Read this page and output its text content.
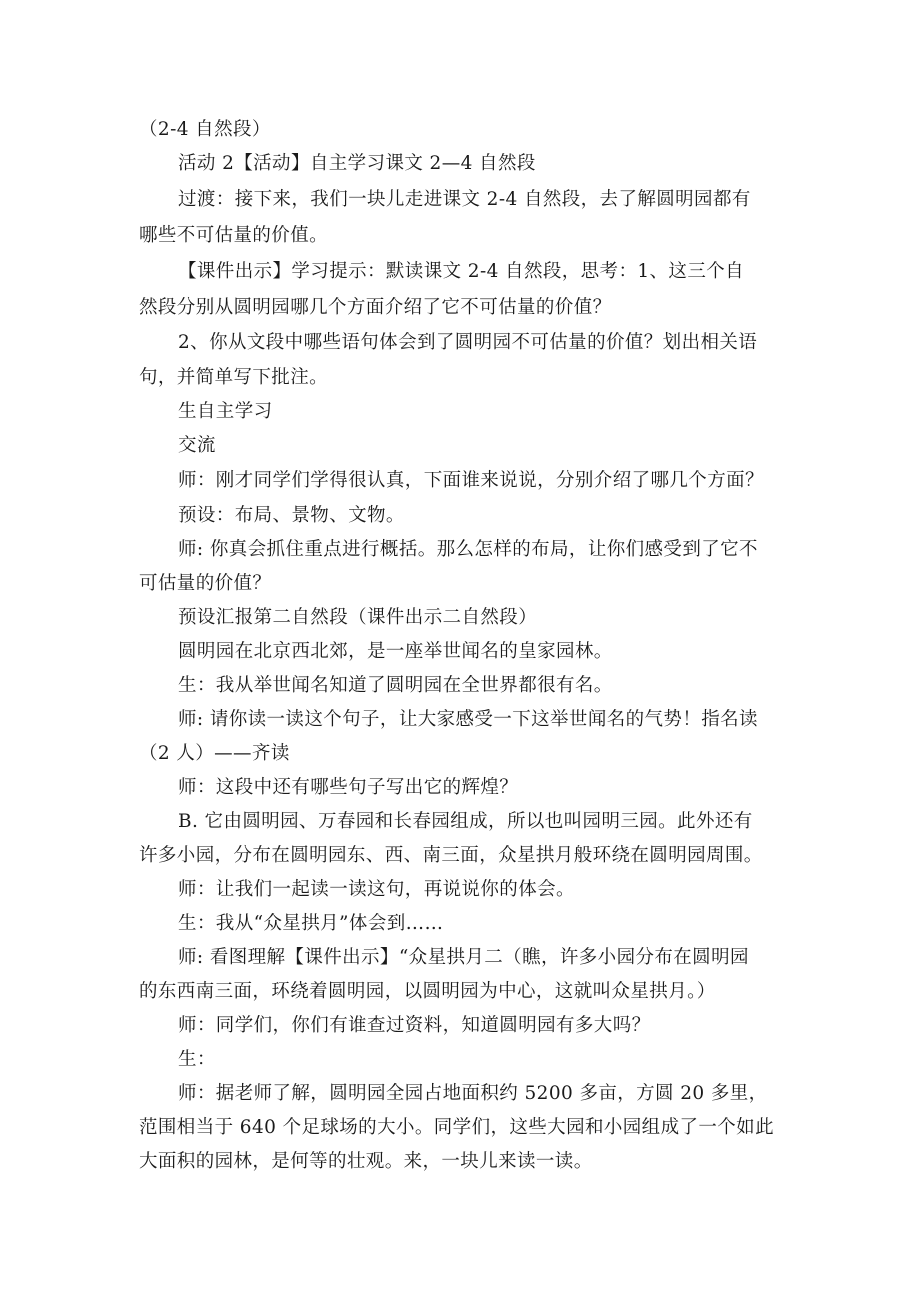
（2-4 自然段）
活动 2【活动】自主学习课文 2—4 自然段
过渡：接下来，我们一块儿走进课文 2-4 自然段，去了解圆明园都有
哪些不可估量的价值。
【课件出示】学习提示：默读课文 2-4 自然段，思考：1、这三个自
然段分别从圆明园哪几个方面介绍了它不可估量的价值？
2、你从文段中哪些语句体会到了圆明园不可估量的价值？划出相关语
句，并简单写下批注。
生自主学习
交流
师：刚才同学们学得很认真，下面谁来说说，分别介绍了哪几个方面？
预设：布局、景物、文物。
师: 你真会抓住重点进行概括。那么怎样的布局，让你们感受到了它不
可估量的价值？
预设汇报第二自然段（课件出示二自然段）
圆明园在北京西北郊，是一座举世闻名的皇家园林。
生：我从举世闻名知道了圆明园在全世界都很有名。
师: 请你读一读这个句子，让大家感受一下这举世闻名的气势！指名读
（2 人）——齐读
师：这段中还有哪些句子写出它的辉煌？
B. 它由圆明园、万春园和长春园组成，所以也叫园明三园。此外还有
许多小园，分布在圆明园东、西、南三面，众星拱月般环绕在圆明园周围。
师：让我们一起读一读这句，再说说你的体会。
生：我从“众星拱月”体会到……
师: 看图理解【课件出示】“众星拱月二（瞧，许多小园分布在圆明园
的东西南三面，环绕着圆明园，以圆明园为中心，这就叫众星拱月。）
师：同学们，你们有谁查过资料，知道圆明园有多大吗？
生：
师：据老师了解，圆明园全园占地面积约 5200 多亩，方圆 20 多里，
范围相当于 640 个足球场的大小。同学们，这些大园和小园组成了一个如此
大面积的园林，是何等的壮观。来，一块儿来读一读。
